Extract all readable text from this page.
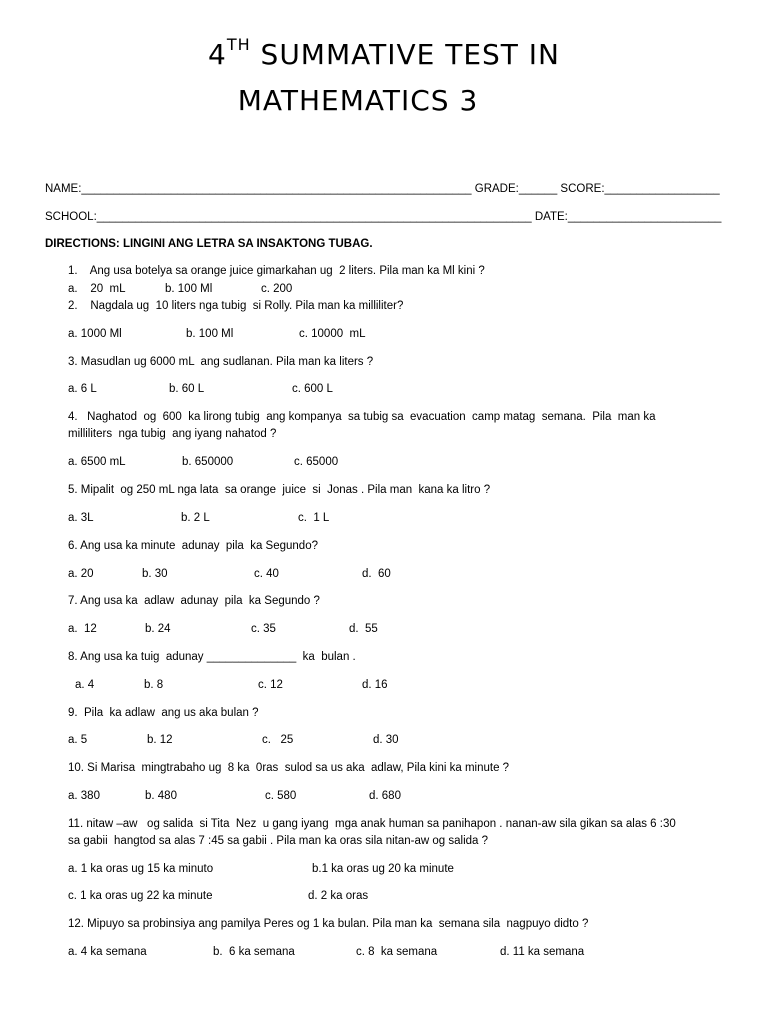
4TH SUMMATIVE TEST IN
MATHEMATICS 3
NAME:_____________________________________________________________ GRADE:______ SCORE:__________________
SCHOOL:____________________________________________________________________ DATE:________________________
DIRECTIONS: LINGINI ANG LETRA SA INSAKTONG TUBAG.
1.    Ang usa botelya sa orange juice gimarkahan ug  2 liters. Pila man ka Ml kini ?
a.    20  mL	b. 100 Ml	c. 200
2.    Nagdala ug  10 liters nga tubig  si Rolly. Pila man ka milliliter?
a. 1000 Ml	b. 100 Ml	c. 10000  mL
3. Masudlan ug 6000 mL  ang sudlanan. Pila man ka liters ?
a. 6 L	b. 60 L	c. 600 L
4.   Naghatod  og  600  ka lirong tubig  ang kompanya  sa tubig sa  evacuation  camp matag  semana.  Pila  man ka
milliliters  nga tubig  ang iyang nahatod ?
a. 6500 mL	b. 650000	c. 65000
5. Mipalit  og 250 mL nga lata  sa orange  juice  si  Jonas . Pila man  kana ka litro ?
a. 3L	b. 2 L	c.  1 L
6. Ang usa ka minute  adunay  pila  ka Segundo?
a. 20	b. 30	c. 40	d.  60
7. Ang usa ka  adlaw  adunay  pila  ka Segundo ?
a.  12	b. 24	c. 35	d.  55
8. Ang usa ka tuig  adunay ______________  ka  bulan .
a. 4	b. 8	c. 12	d. 16
9.  Pila  ka adlaw  ang us aka bulan ?
a. 5	b. 12	c.   25	d. 30
10. Si Marisa  mingtrabaho ug  8 ka  0ras  sulod sa us aka  adlaw, Pila kini ka minute ?
a. 380	b. 480	c. 580	d. 680
11. nitaw –aw   og salida  si Tita  Nez  u gang iyang  mga anak human sa panihapon . nanan-aw sila gikan sa alas 6 :30
sa gabii  hangtod sa alas 7 :45 sa gabii . Pila man ka oras sila nitan-aw og salida ?
a. 1 ka oras ug 15 ka minuto	b.1 ka oras ug 20 ka minute
c. 1 ka oras ug 22 ka minute	d. 2 ka oras
12. Mipuyo sa probinsiya ang pamilya Peres og 1 ka bulan. Pila man ka  semana sila  nagpuyo didto ?
a. 4 ka semana	b.  6 ka semana	c. 8  ka semana	d. 11 ka semana
